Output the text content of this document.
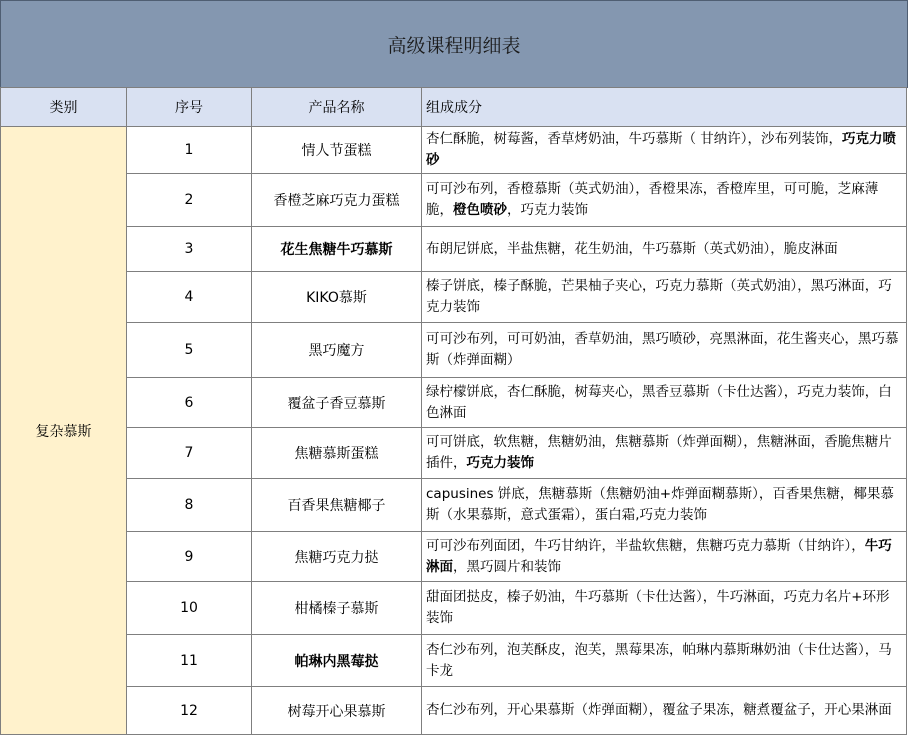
高级课程明细表
类别	序号	产品名称	组成成分
复杂慕斯	1	情人节蛋糕	杏仁酥脆，树莓酱，香草烤奶油，牛巧慕斯（ 甘纳许），沙布列装饰，巧克力喷砂
	2	香橙芝麻巧克力蛋糕	可可沙布列，香橙慕斯（英式奶油），香橙果冻，香橙库里，可可脆，芝麻薄脆，橙色喷砂，巧克力装饰
	3	花生焦糖牛巧慕斯	布朗尼饼底，半盐焦糖，花生奶油，牛巧慕斯（英式奶油），脆皮淋面
	4	KIKO慕斯	榛子饼底，榛子酥脆，芒果柚子夹心，巧克力慕斯（英式奶油），黑巧淋面，巧克力装饰
	5	黑巧魔方	可可沙布列，可可奶油，香草奶油，黑巧喷砂，亮黑淋面，花生酱夹心，黑巧慕斯（炸弹面糊）
	6	覆盆子香豆慕斯	绿柠檬饼底，杏仁酥脆，树莓夹心，黑香豆慕斯（卡仕达酱），巧克力装饰，白色淋面
	7	焦糖慕斯蛋糕	可可饼底，软焦糖，焦糖奶油，焦糖慕斯（炸弹面糊），焦糖淋面，香脆焦糖片插件，巧克力装饰
	8	百香果焦糖椰子	capusines 饼底，焦糖慕斯（焦糖奶油+炸弹面糊慕斯），百香果焦糖，椰果慕斯（水果慕斯，意式蛋霜），蛋白霜,巧克力装饰
	9	焦糖巧克力挞	可可沙布列面团，牛巧甘纳许，半盐软焦糖，焦糖巧克力慕斯（甘纳许），牛巧淋面，黑巧圆片和装饰
	10	柑橘榛子慕斯	甜面团挞皮，榛子奶油，牛巧慕斯（卡仕达酱），牛巧淋面，巧克力名片+环形装饰
	11	帕琳内黑莓挞	杏仁沙布列，泡芙酥皮，泡芙，黑莓果冻，帕琳内慕斯琳奶油（卡仕达酱），马卡龙
	12	树莓开心果慕斯	杏仁沙布列，开心果慕斯（炸弹面糊），覆盆子果冻，糖煮覆盆子，开心果淋面
